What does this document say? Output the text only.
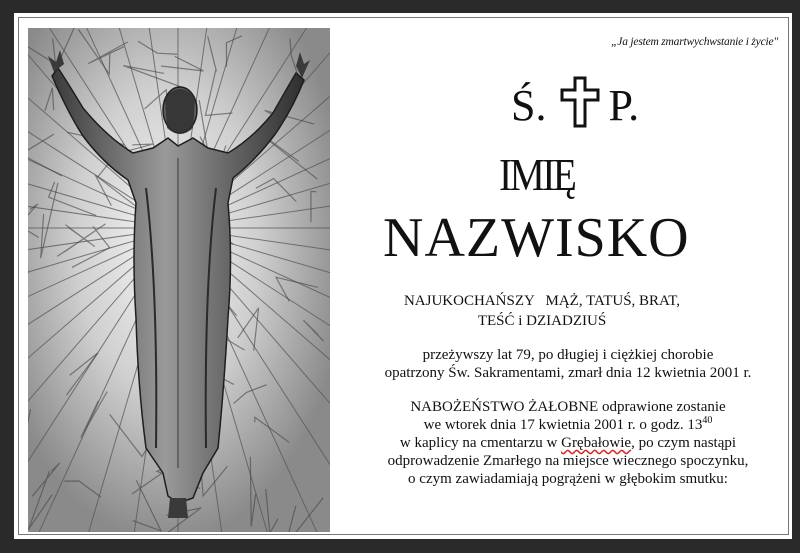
„Ja jestem zmartwychwstanie i życie"
Ś. P.
IMIĘ
NAZWISKO
NAJUKOCHAŃSZY   MĄŻ, TATUŚ, BRAT,
TEŚĆ i DZIADZIUŚ
przeżywszy lat 79, po długiej i ciężkiej chorobie
opatrzony Św. Sakramentami, zmarł dnia 12 kwietnia 2001 r.
NABOŻEŃSTWO ŻAŁOBNE odprawione zostanie
we wtorek dnia 17 kwietnia 2001 r. o godz. $13^{40}$
w kaplicy na cmentarzu w Grębałowie, po czym nastąpi
odprowadzenie Zmarłego na miejsce wiecznego spoczynku,
o czym zawiadamiają pogrążeni w głębokim smutku:
